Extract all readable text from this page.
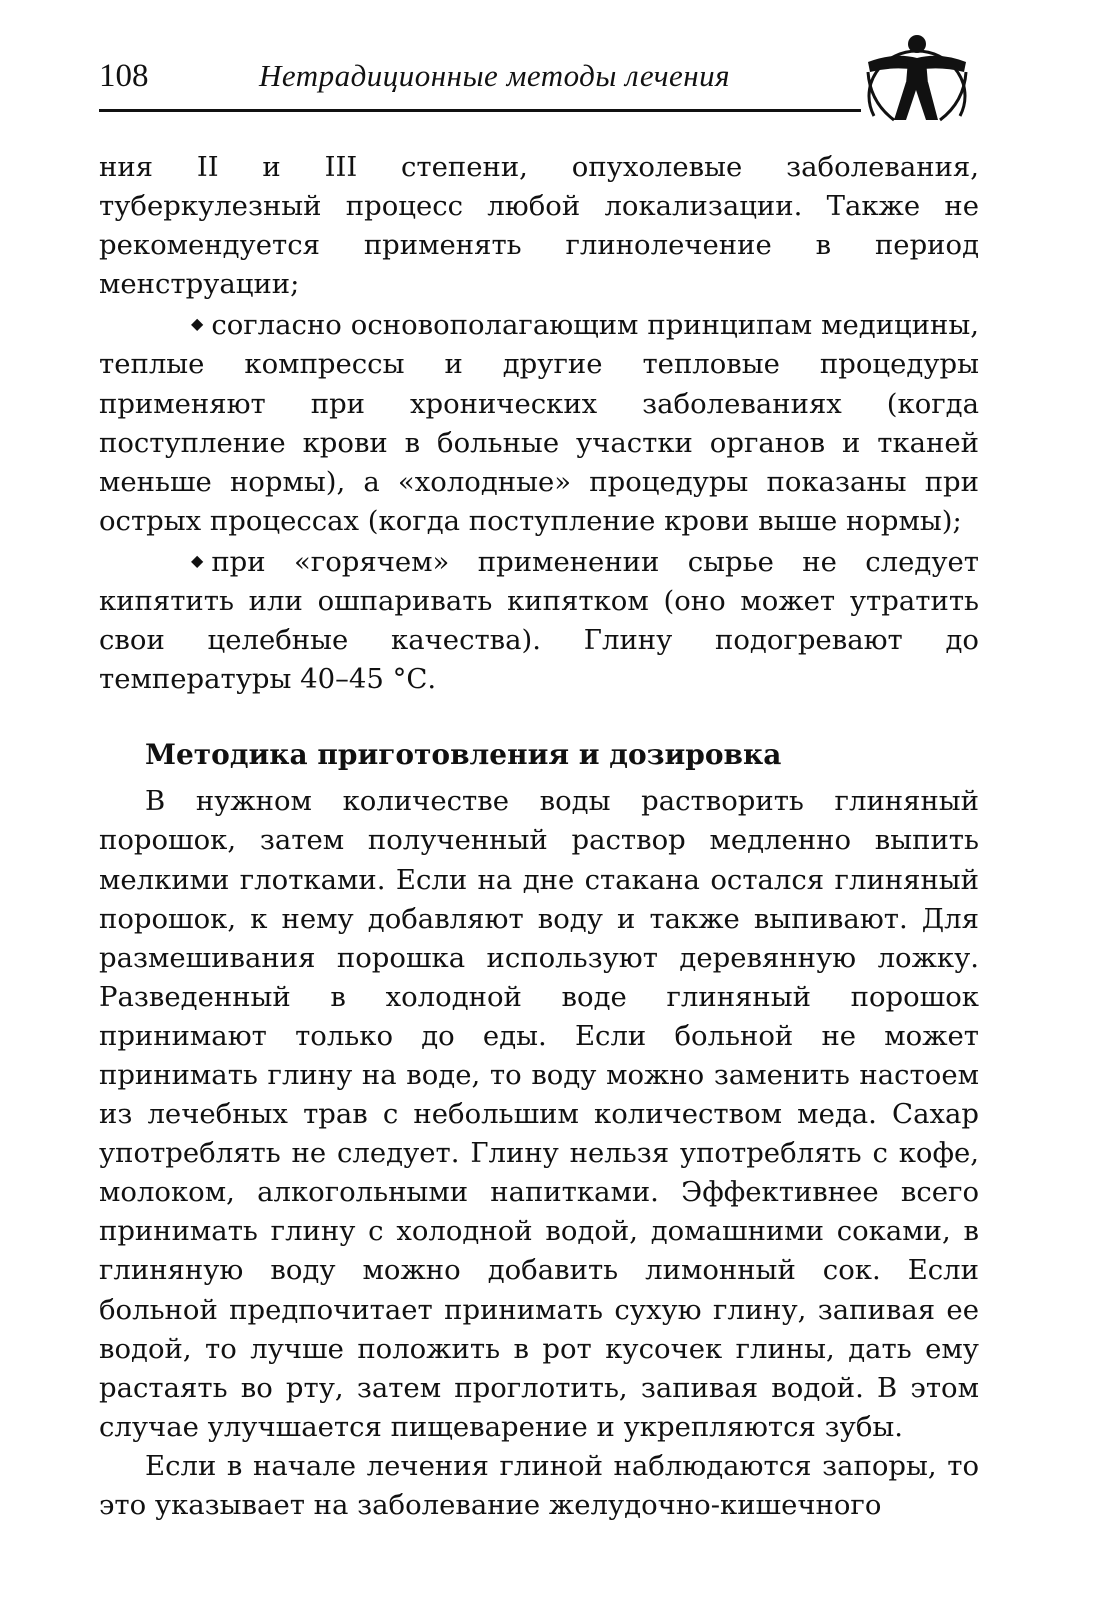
108	Нетрадиционные методы лечения

ния II и III степени, опухолевые заболевания, туберкулезный процесс любой локализации. Также не рекомендуется применять глинолечение в период менструации;

◆ согласно основополагающим принципам медицины, теплые компрессы и другие тепловые процедуры применяют при хронических заболеваниях (когда поступление крови в больные участки органов и тканей меньше нормы), а «холодные» процедуры показаны при острых процессах (когда поступление крови выше нормы);

◆ при «горячем» применении сырье не следует кипятить или ошпаривать кипятком (оно может утратить свои целебные качества). Глину подогревают до температуры 40–45 °С.

Методика приготовления и дозировка

В нужном количестве воды растворить глиняный порошок, затем полученный раствор медленно выпить мелкими глотками. Если на дне стакана остался глиняный порошок, к нему добавляют воду и также выпивают. Для размешивания порошка используют деревянную ложку. Разведенный в холодной воде глиняный порошок принимают только до еды. Если больной не может принимать глину на воде, то воду можно заменить настоем из лечебных трав с небольшим количеством меда. Сахар употреблять не следует. Глину нельзя употреблять с кофе, молоком, алкогольными напитками. Эффективнее всего принимать глину с холодной водой, домашними соками, в глиняную воду можно добавить лимонный сок. Если больной предпочитает принимать сухую глину, запивая ее водой, то лучше положить в рот кусочек глины, дать ему растаять во рту, затем проглотить, запивая водой. В этом случае улучшается пищеварение и укрепляются зубы.

Если в начале лечения глиной наблюдаются запоры, то это указывает на заболевание желудочно-кишечного
